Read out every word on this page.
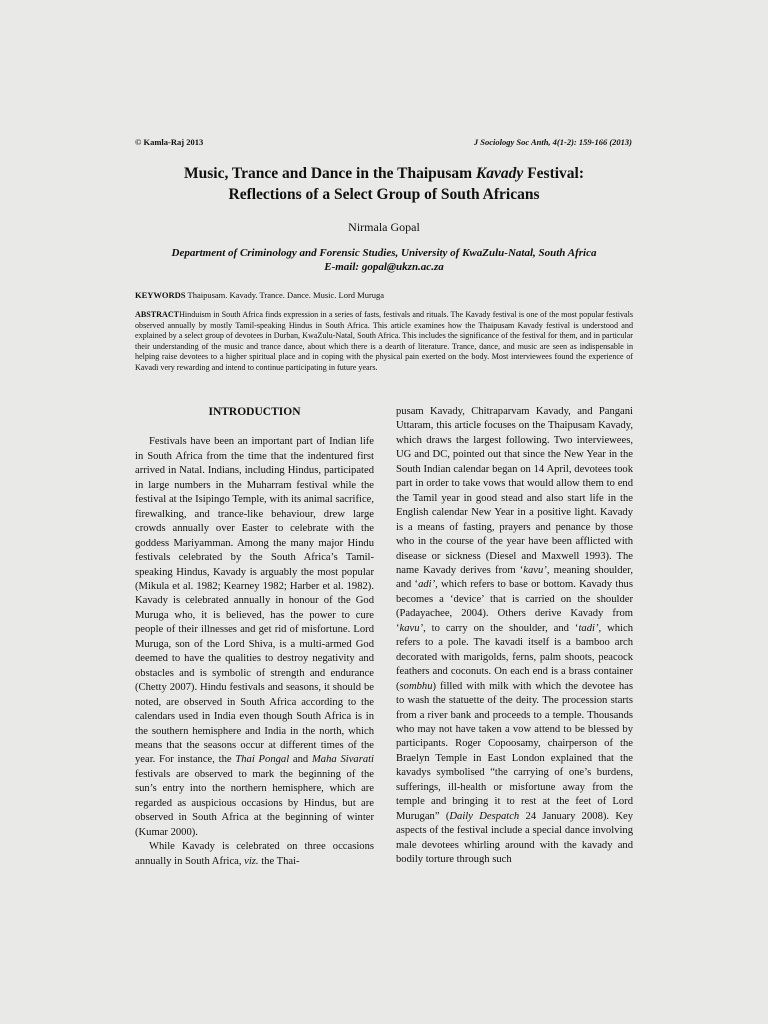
© Kamla-Raj 2013	J Sociology Soc Anth, 4(1-2): 159-166 (2013)
Music, Trance and Dance in the Thaipusam Kavady Festival:
Reflections of a Select Group of South Africans
Nirmala Gopal
Department of Criminology and Forensic Studies, University of KwaZulu-Natal, South Africa
E-mail: gopal@ukzn.ac.za
KEYWORDS Thaipusam. Kavady. Trance. Dance. Music. Lord Muruga
ABSTRACTHinduism in South Africa finds expression in a series of fasts, festivals and rituals. The Kavady festival is one of the most popular festivals observed annually by mostly Tamil-speaking Hindus in South Africa. This article examines how the Thaipusam Kavady festival is understood and explained by a select group of devotees in Durban, KwaZulu-Natal, South Africa. This includes the significance of the festival for them, and in particular their understanding of the music and trance dance, about which there is a dearth of literature. Trance, dance, and music are seen as indispensable in helping raise devotees to a higher spiritual place and in coping with the physical pain exerted on the body. Most interviewees found the experience of Kavadi very rewarding and intend to continue participating in future years.
INTRODUCTION

Festivals have been an important part of Indian life in South Africa from the time that the indentured first arrived in Natal. Indians, including Hindus, participated in large numbers in the Muharram festival while the festival at the Isipingo Temple, with its animal sacrifice, firewalking, and trance-like behaviour, drew large crowds annually over Easter to celebrate with the goddess Mariyamman. Among the many major Hindu festivals celebrated by the South Africa’s Tamil-speaking Hindus, Kavady is arguably the most popular (Mikula et al. 1982; Kearney 1982; Harber et al. 1982). Kavady is celebrated annually in honour of the God Muruga who, it is believed, has the power to cure people of their illnesses and get rid of misfortune. Lord Muruga, son of the Lord Shiva, is a multi-armed God deemed to have the qualities to destroy negativity and obstacles and is symbolic of strength and endurance (Chetty 2007). Hindu festivals and seasons, it should be noted, are observed in South Africa according to the calendars used in India even though South Africa is in the southern hemisphere and India in the north, which means that the seasons occur at different times of the year. For instance, the Thai Pongal and Maha Sivarati festivals are observed to mark the beginning of the sun’s entry into the northern hemisphere, which are regarded as auspicious occasions by Hindus, but are observed in South Africa at the beginning of winter (Kumar 2000).

While Kavady is celebrated on three occasions annually in South Africa, viz. the Thai-

pusam Kavady, Chitraparvam Kavady, and Pangani Uttaram, this article focuses on the Thaipusam Kavady, which draws the largest following. Two interviewees, UG and DC, pointed out that since the New Year in the South Indian calendar began on 14 April, devotees took part in order to take vows that would allow them to end the Tamil year in good stead and also start life in the English calendar New Year in a positive light. Kavady is a means of fasting, prayers and penance by those who in the course of the year have been afflicted with disease or sickness (Diesel and Maxwell 1993). The name Kavady derives from ‘kavu’, meaning shoulder, and ‘adi’, which refers to base or bottom. Kavady thus becomes a ‘device’ that is carried on the shoulder (Padayachee, 2004). Others derive Kavady from ‘kavu’, to carry on the shoulder, and ‘tadi’, which refers to a pole. The kavadi itself is a bamboo arch decorated with marigolds, ferns, palm shoots, peacock feathers and coconuts. On each end is a brass container (sombhu) filled with milk with which the devotee has to wash the statuette of the deity. The procession starts from a river bank and proceeds to a temple. Thousands who may not have taken a vow attend to be blessed by participants. Roger Copoosamy, chairperson of the Braelyn Temple in East London explained that the kavadys symbolised “the carrying of one’s burdens, sufferings, ill-health or misfortune away from the temple and bringing it to rest at the feet of Lord Murugan” (Daily Despatch 24 January 2008). Key aspects of the festival include a special dance involving male devotees whirling around with the kavady and bodily torture through such
